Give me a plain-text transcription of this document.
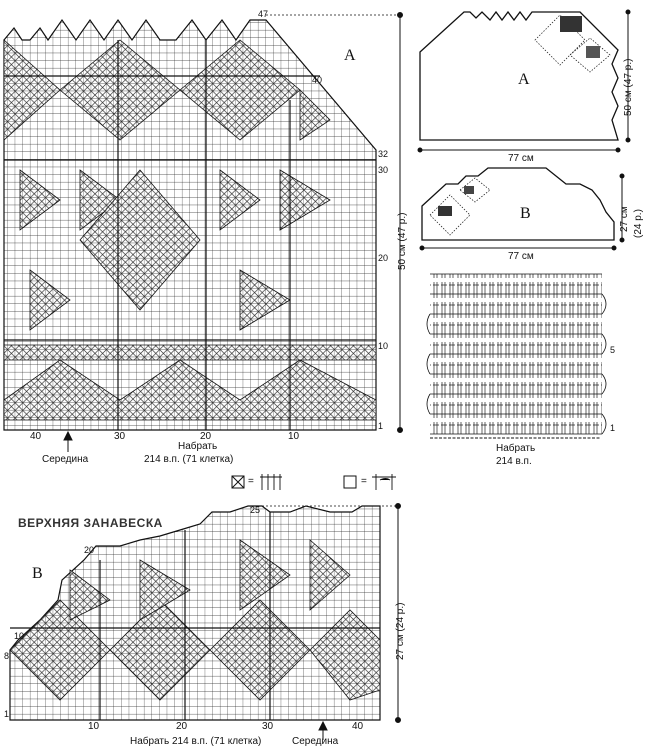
A
47
40
32
30
20
10
1
40	30	20	10
Середина
Набрать
214 в.п. (71 клетка)
50 см (47 р.)
A
77 см
50 см (47 р.)
B
77 см
27 см (24 р.)
5
1
Набрать
214 в.п.
=	=
ВЕРХНЯЯ ЗАНАВЕСКА
B
25
20
10
8
1
10	20	30	40
Набрать 214 в.п. (71 клетка)	Середина
27 см (24 р.)
